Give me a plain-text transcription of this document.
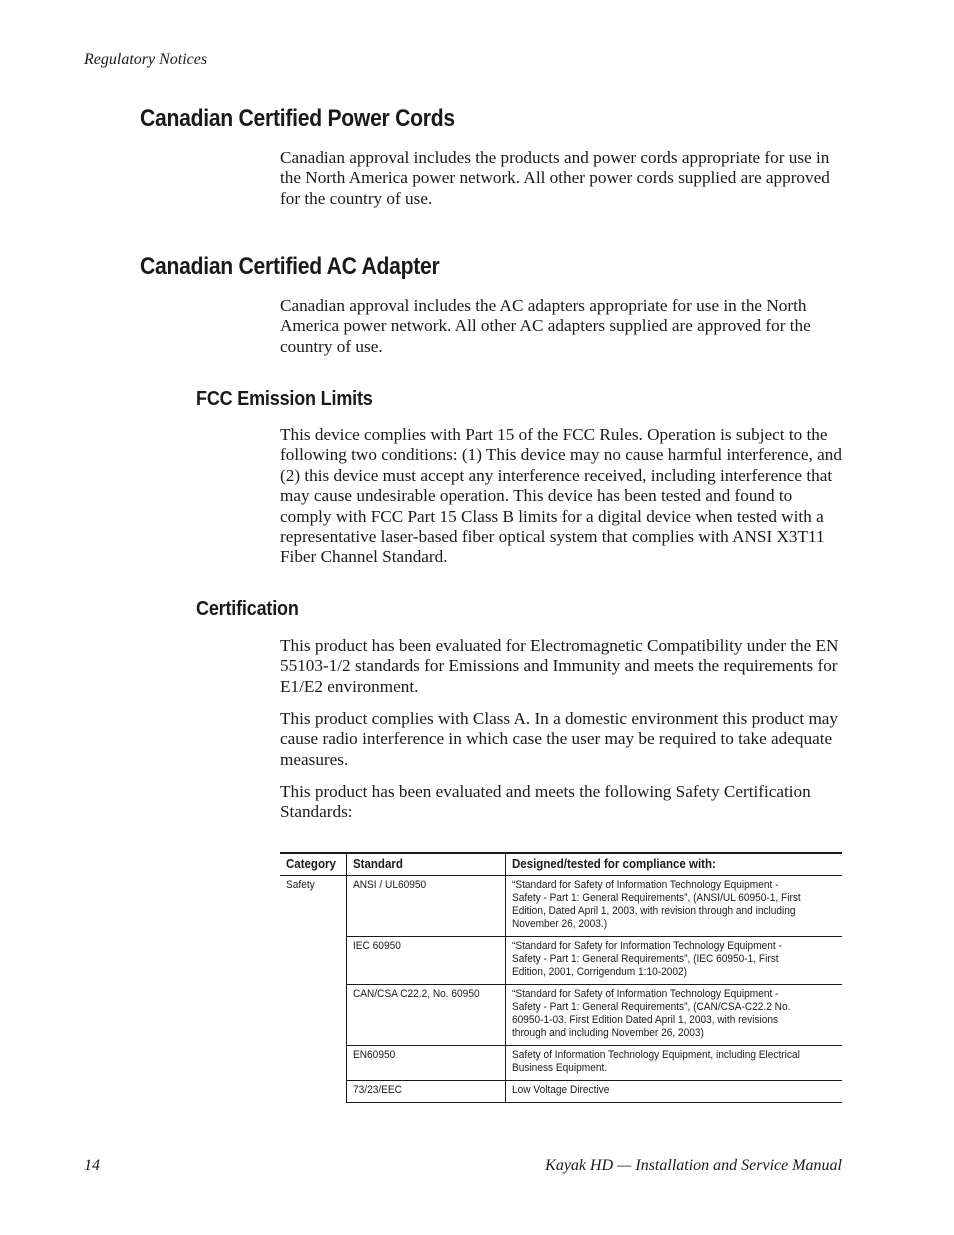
Regulatory Notices
Canadian Certified Power Cords

Canadian approval includes the products and power cords appropriate for use in the North America power network. All other power cords supplied are approved for the country of use.

Canadian Certified AC Adapter

Canadian approval includes the AC adapters appropriate for use in the North America power network. All other AC adapters supplied are approved for the country of use.

FCC Emission Limits

This device complies with Part 15 of the FCC Rules. Operation is subject to the following two conditions: (1) This device may no cause harmful interference, and (2) this device must accept any interference received, including interference that may cause undesirable operation. This device has been tested and found to comply with FCC Part 15 Class B limits for a digital device when tested with a representative laser-based fiber optical system that complies with ANSI X3T11 Fiber Channel Standard.

Certification

This product has been evaluated for Electromagnetic Compatibility under the EN 55103-1/2 standards for Emissions and Immunity and meets the requirements for E1/E2 environment.

This product complies with Class A. In a domestic environment this product may cause radio interference in which case the user may be required to take adequate measures.

This product has been evaluated and meets the following Safety Certification Standards:

Category	Standard	Designed/tested for compliance with:
Safety	ANSI / UL60950	“Standard for Safety of Information Technology Equipment - Safety - Part 1: General Requirements”, (ANSI/UL 60950-1, First Edition, Dated April 1, 2003, with revision through and including November 26, 2003.)
	IEC 60950	“Standard for Safety for Information Technology Equipment - Safety - Part 1: General Requirements”, (IEC 60950-1, First Edition, 2001, Corrigendum 1:10-2002)
	CAN/CSA C22.2, No. 60950	“Standard for Safety of Information Technology Equipment - Safety - Part 1: General Requirements”, (CAN/CSA-C22.2 No. 60950-1-03. First Edition Dated April 1, 2003, with revisions through and including November 26, 2003)
	EN60950	Safety of Information Technology Equipment, including Electrical Business Equipment.
	73/23/EEC	Low Voltage Directive
14	Kayak HD — Installation and Service Manual
